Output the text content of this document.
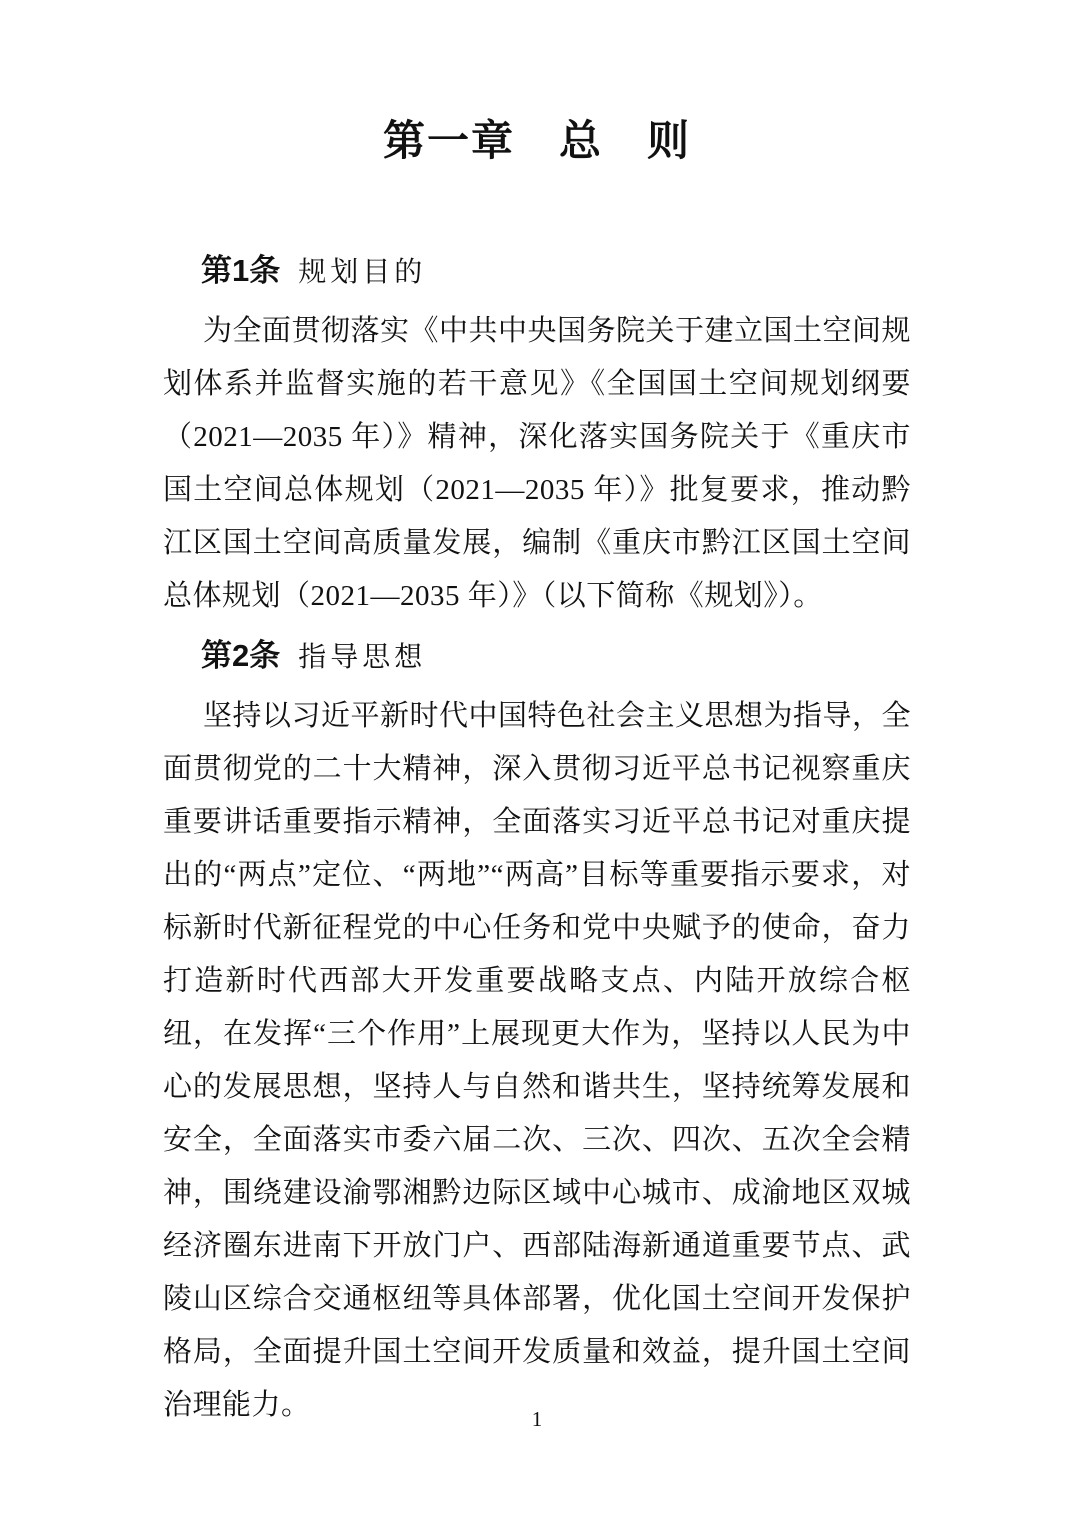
第一章　总　则
第1条 规划目的

为全面贯彻落实《中共中央国务院关于建立国土空间规划体系并监督实施的若干意见》《全国国土空间规划纲要（2021—2035 年）》精神，深化落实国务院关于《重庆市国土空间总体规划（2021—2035 年）》批复要求，推动黔江区国土空间高质量发展，编制《重庆市黔江区国土空间总体规划（2021—2035 年）》（以下简称《规划》）。

第2条 指导思想

坚持以习近平新时代中国特色社会主义思想为指导，全面贯彻党的二十大精神，深入贯彻习近平总书记视察重庆重要讲话重要指示精神，全面落实习近平总书记对重庆提出的“两点”定位、“两地”“两高”目标等重要指示要求，对标新时代新征程党的中心任务和党中央赋予的使命，奋力打造新时代西部大开发重要战略支点、内陆开放综合枢纽，在发挥“三个作用”上展现更大作为，坚持以人民为中心的发展思想，坚持人与自然和谐共生，坚持统筹发展和安全，全面落实市委六届二次、三次、四次、五次全会精神，围绕建设渝鄂湘黔边际区域中心城市、成渝地区双城经济圈东进南下开放门户、西部陆海新通道重要节点、武陵山区综合交通枢纽等具体部署，优化国土空间开发保护格局，全面提升国土空间开发质量和效益，提升国土空间治理能力。	1
